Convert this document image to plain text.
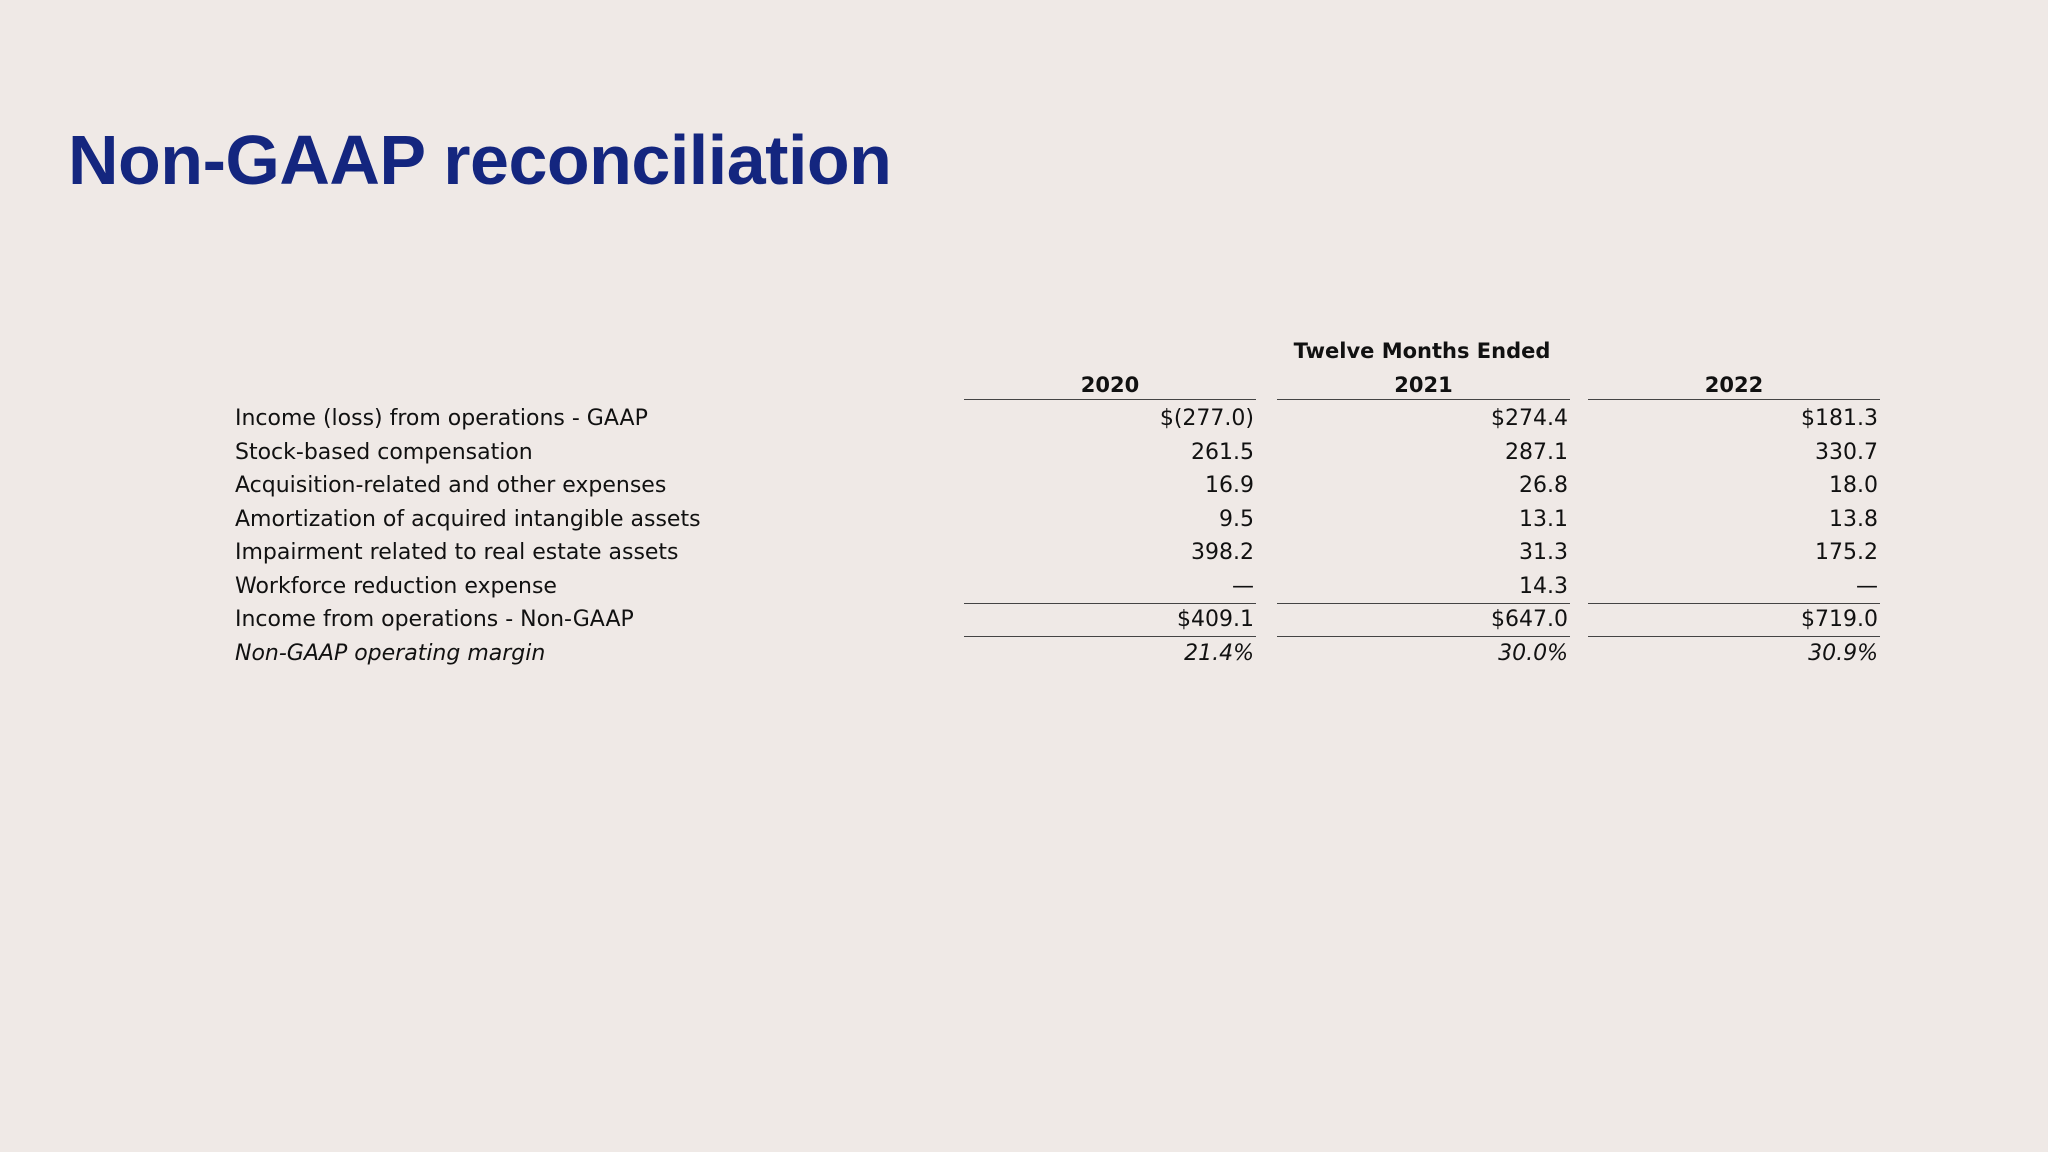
Non-GAAP reconciliation
Twelve Months Ended
2020	2021	2022
Income (loss) from operations - GAAP	$(277.0)	$274.4	$181.3
Stock-based compensation	261.5	287.1	330.7
Acquisition-related and other expenses	16.9	26.8	18.0
Amortization of acquired intangible assets	9.5	13.1	13.8
Impairment related to real estate assets	398.2	31.3	175.2
Workforce reduction expense	—	14.3	—
Income from operations - Non-GAAP	$409.1	$647.0	$719.0
Non-GAAP operating margin	21.4%	30.0%	30.9%
